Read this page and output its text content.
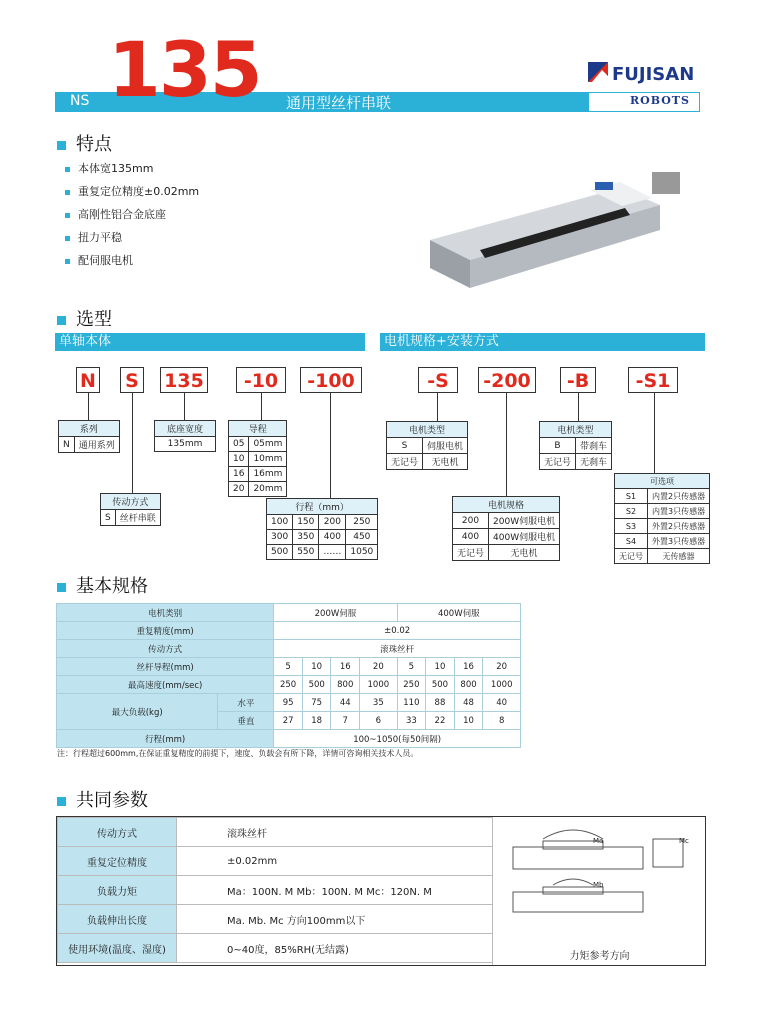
NS 135 通用型丝杆串联
FUJISAN
ROBOTS
特点
本体宽135mm
重复定位精度±0.02mm
高刚性铝合金底座
扭力平稳
配伺服电机
选型
单轴本体	电机规格+安装方式
N S 135	-10	-100	-S	-200	-B	-S1
系列
N	通用系列
传动方式
S	丝杆串联
底座宽度
135mm
导程	
05	05mm
10	10mm
16	16mm
20	20mm
行程（mm）			
100	150	200	250
300	350	400	450
500	550	……	1050
电机类型	
S	伺服电机
无记号	无电机
电机规格	
200	200W伺服电机
400	400W伺服电机
无记号	无电机
电机类型	
B	带刹车
无记号	无刹车
可选项	
S1	内置2只传感器
S2	内置3只传感器
S3	外置2只传感器
S4	外置3只传感器
无记号	无传感器
基本规格
电机类别		200W伺服				400W伺服			
重复精度(mm)		±0.02							
传动方式		滚珠丝杆							
丝杆导程(mm)		5	10	16	20	5	10	16	20
最高速度(mm/sec)		250	500	800	1000	250	500	800	1000
最大负载(kg)	水平	95	75	44	35	110	88	48	40
	垂直	27	18	7	6	33	22	10	8
行程(mm)		100~1050(每50间隔)							
注：行程超过600mm,在保证重复精度的前提下，速度、负载会有所下降，详情可咨询相关技术人员。
共同参数
传动方式	滚珠丝杆
重复定位精度	±0.02mm
负载力矩	Ma：100N. M Mb：100N. M Mc：120N. M
负载伸出长度	Ma. Mb. Mc 方向100mm以下
使用环境(温度、湿度)	0~40度，85%RH(无结露)
Ma
Mb
Mc
力矩参考方向
